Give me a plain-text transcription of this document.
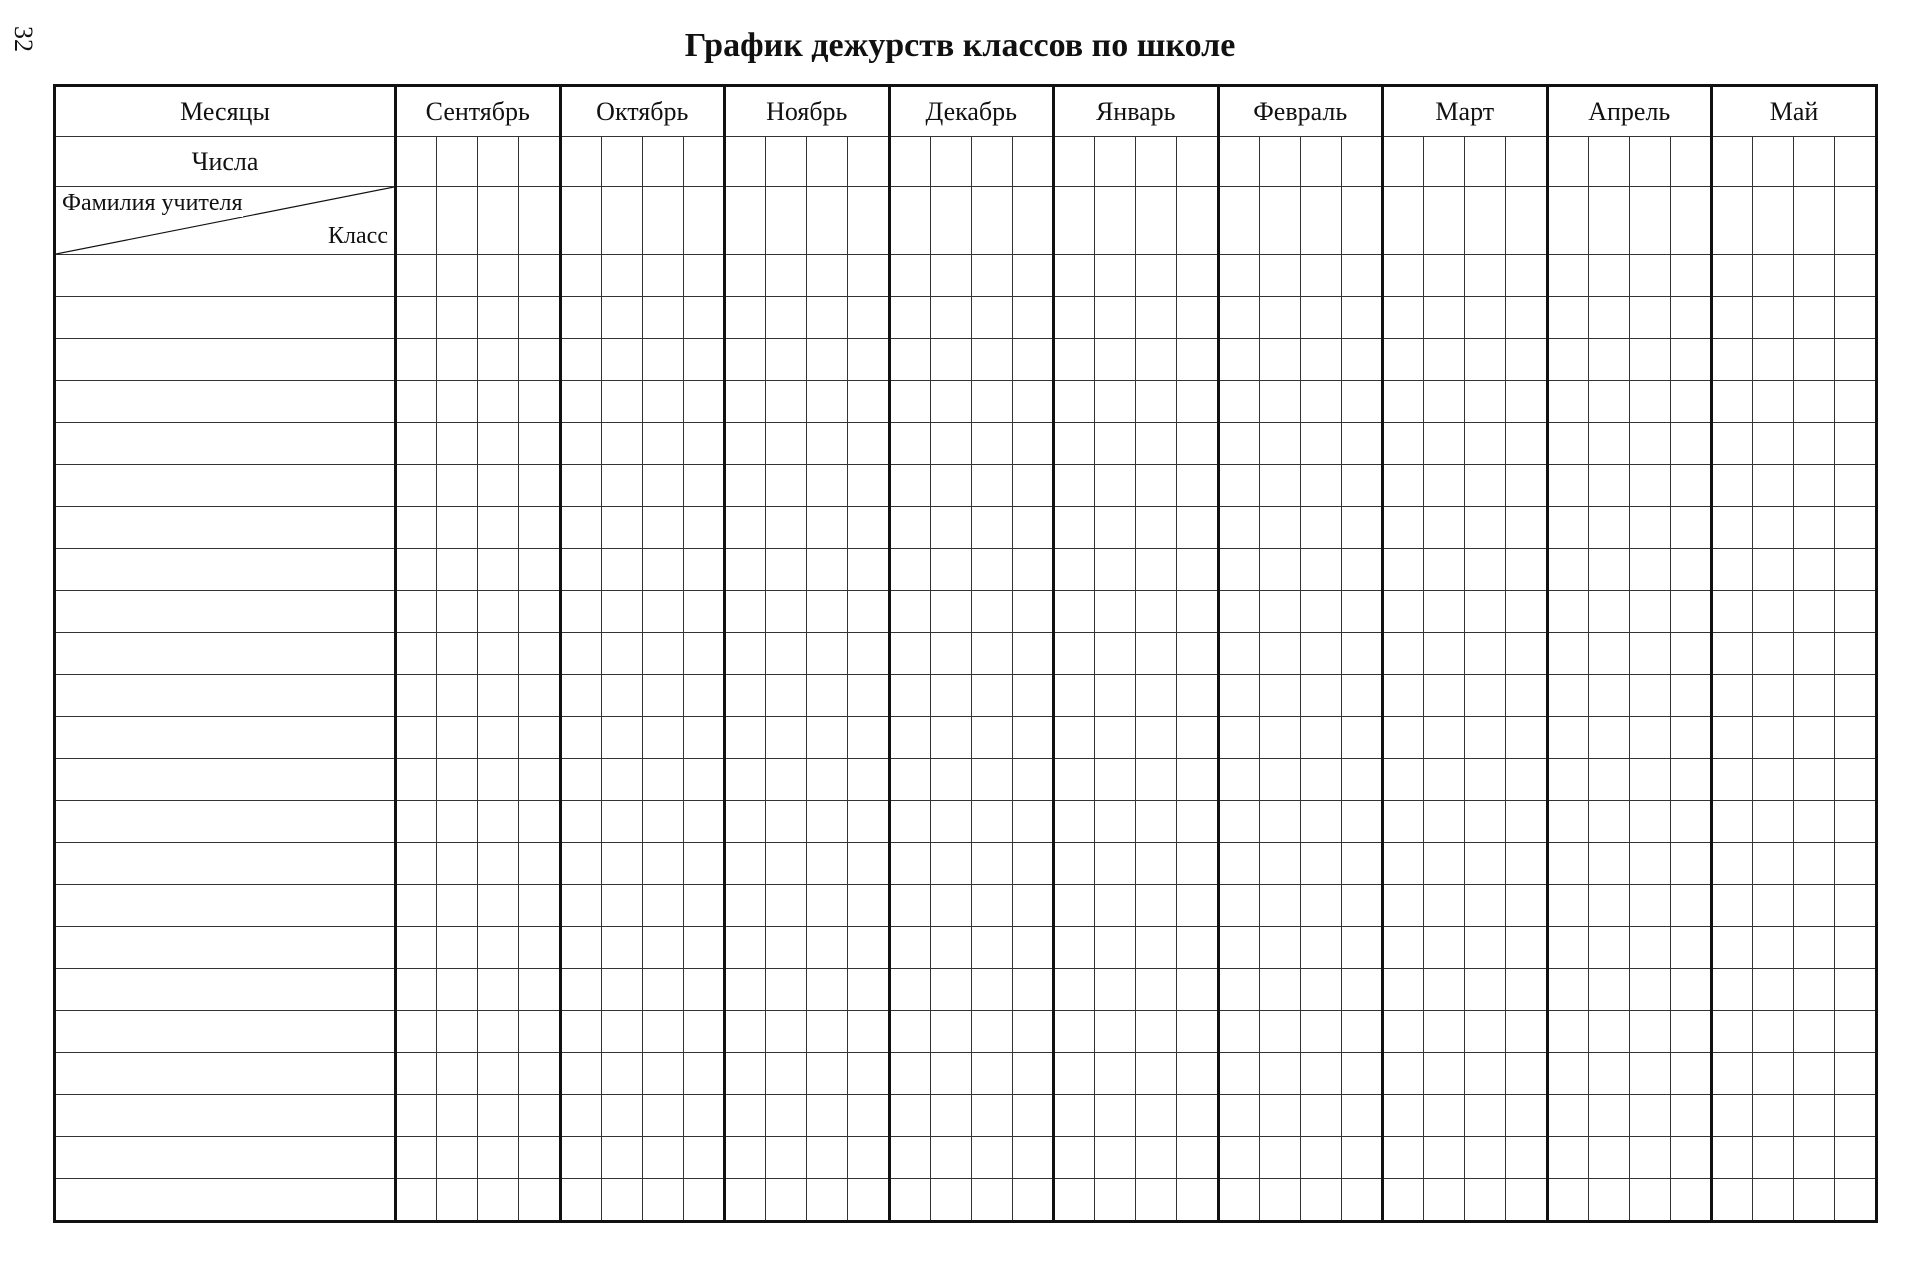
32	График дежурств классов по школе
Месяцы	Сентябрь				Октябрь				Ноябрь				Декабрь				Январь				Февраль				Март				Апрель				Май			
Числа																																				

Фамилия учителя
Класс																																				
